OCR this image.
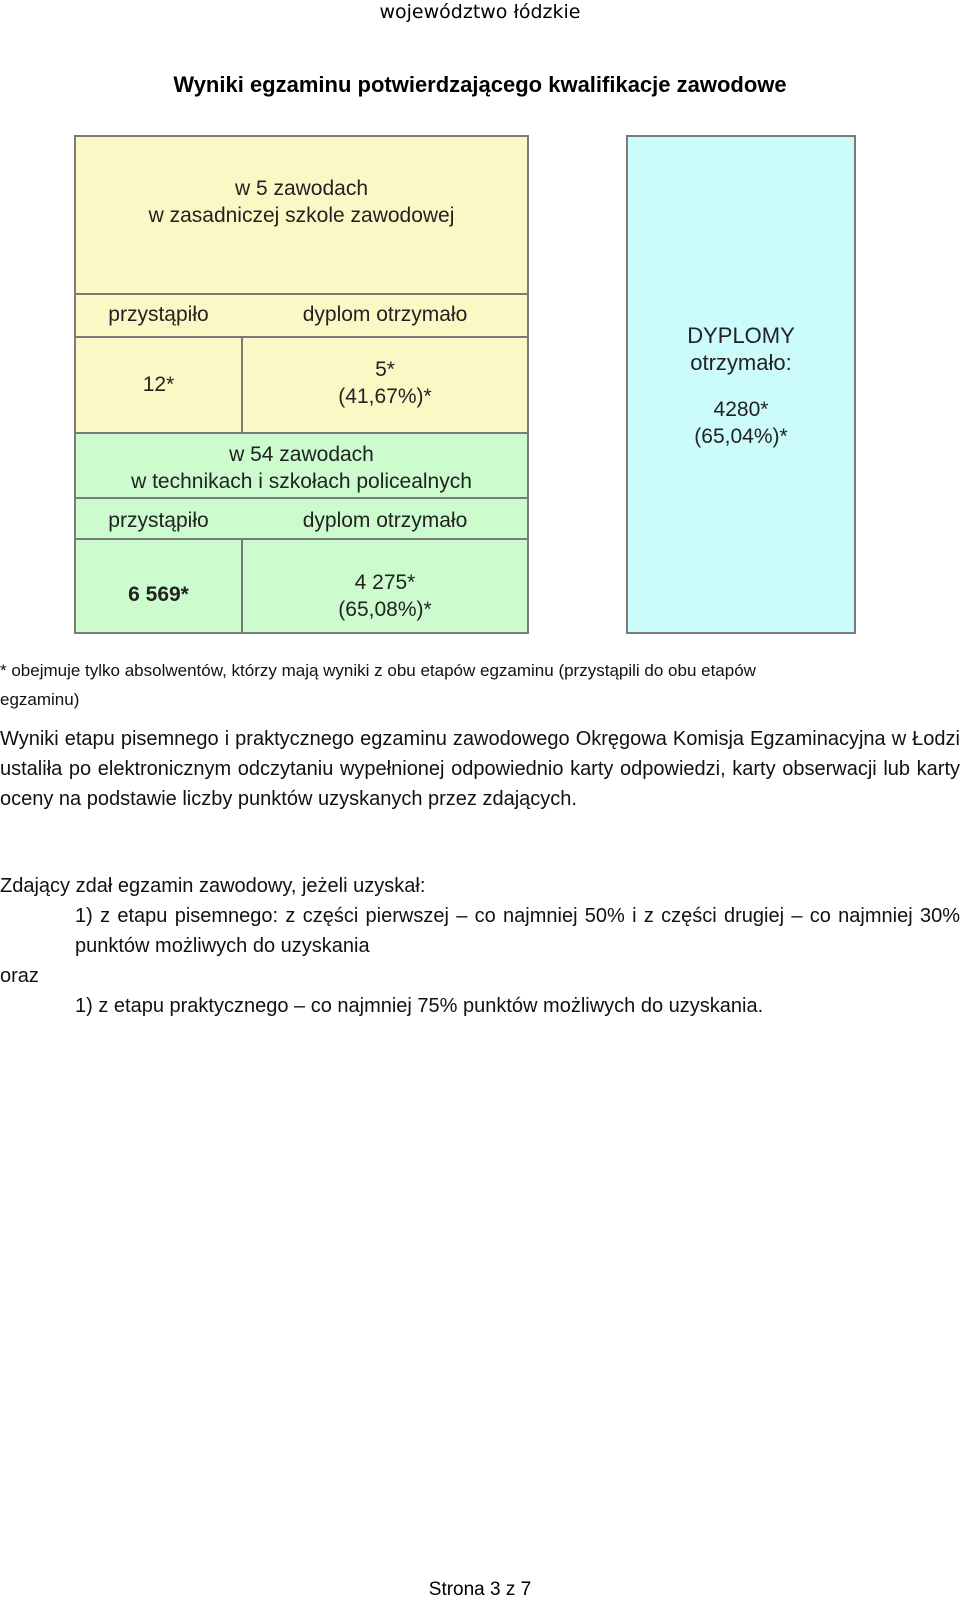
województwo łódzkie
Wyniki egzaminu potwierdzającego kwalifikacje zawodowe
w 5 zawodach
w zasadniczej szkole zawodowej
przystąpiło	dyplom otrzymało
12*
5*
(41,67%)*
w 54 zawodach
w technikach i szkołach policealnych
przystąpiło	dyplom otrzymało
6 569*
4 275*
(65,08%)*
DYPLOMY
otrzymało:
4280*
(65,04%)*
* obejmuje tylko absolwentów, którzy mają wyniki z obu etapów egzaminu (przystąpili do obu etapów
egzaminu)
Wyniki etapu pisemnego i praktycznego egzaminu zawodowego Okręgowa Komisja Egzaminacyjna w Łodzi ustaliła po elektronicznym odczytaniu wypełnionej odpowiednio karty odpowiedzi, karty obserwacji lub karty oceny na podstawie liczby punktów uzyskanych przez zdających.
Zdający zdał egzamin zawodowy, jeżeli uzyskał:
1) z etapu pisemnego: z części pierwszej – co najmniej 50% i z części drugiej – co najmniej 30% punktów możliwych do uzyskania
oraz
1) z etapu praktycznego – co najmniej 75% punktów możliwych do uzyskania.
Strona 3 z 7
